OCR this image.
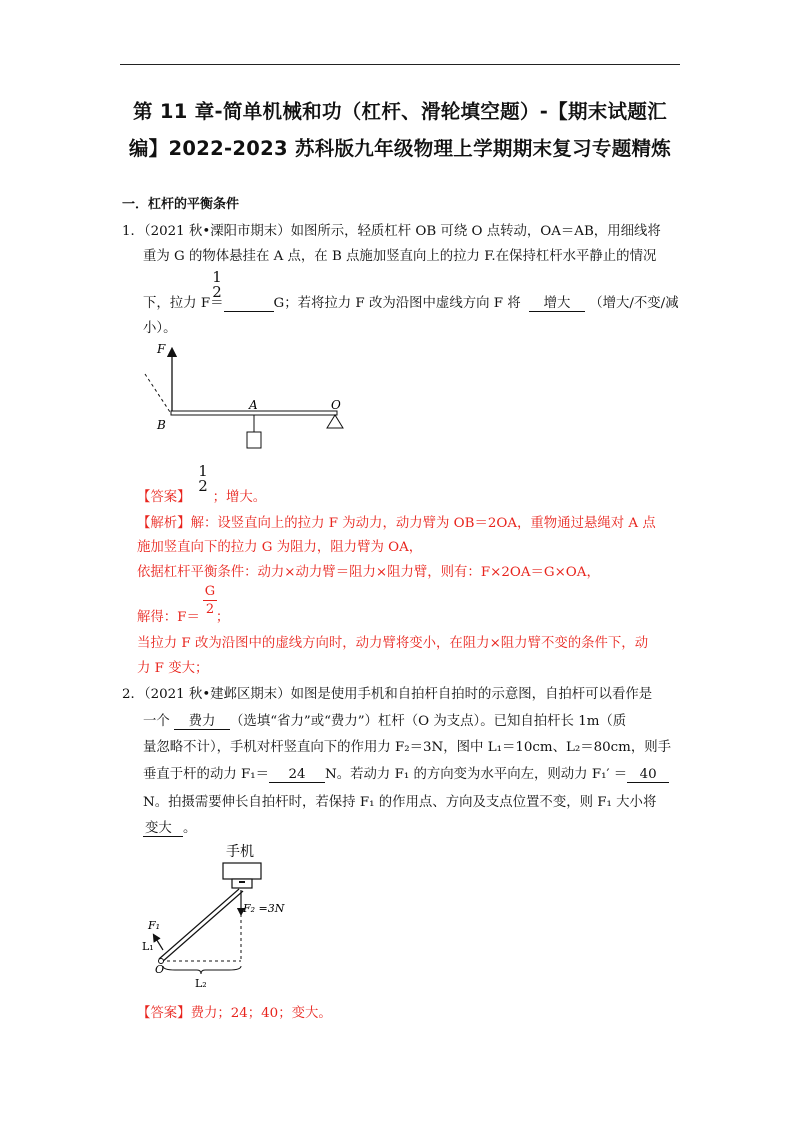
第 11 章-简单机械和功（杠杆、滑轮填空题）-【期末试题汇
编】2022-2023 苏科版九年级物理上学期期末复习专题精炼
一．杠杆的平衡条件
1．（2021 秋•溧阳市期末）如图所示，轻质杠杆 OB 可绕 O 点转动，OA＝AB，用细线将
重为 G 的物体悬挂在 A 点，在 B 点施加竖直向上的拉力 F.在保持杠杆水平静止的情况
下，拉力 F＝	G；若将拉力 F 改为沿图中虚线方向 F 将 增大 （增大/不变/减
1
2
小）。
F
A	O
B
【答案】 ；增大。
1
2
【解析】解：设竖直向上的拉力 F 为动力，动力臂为 OB＝2OA，重物通过悬绳对 A 点
施加竖直向下的拉力 G 为阻力，阻力臂为 OA，
依据杠杆平衡条件：动力×动力臂＝阻力×阻力臂，则有：F×2OA＝G×OA，
解得：F＝ ；
G
2
当拉力 F 改为沿图中的虚线方向时，动力臂将变小，在阻力×阻力臂不变的条件下，动
力 F 变大；
2．（2021 秋•建邺区期末）如图是使用手机和自拍杆自拍时的示意图，自拍杆可以看作是
一个 费力 （选填“省力”或“费力”）杠杆（O 为支点）。已知自拍杆长 1m（质
量忽略不计），手机对杆竖直向下的作用力 F₂＝3N，图中 L₁＝10cm、L₂＝80cm，则手
垂直于杆的动力 F₁＝ 24 N。若动力 F₁ 的方向变为水平向左，则动力 F₁′ ＝ 40
N。拍摄需要伸长自拍杆时，若保持 F₁ 的作用点、方向及支点位置不变，则 F₁ 大小将
变大 。
手机
F₂ =3N
F₁
L₁
O
L₂
【答案】费力；24；40；变大。
